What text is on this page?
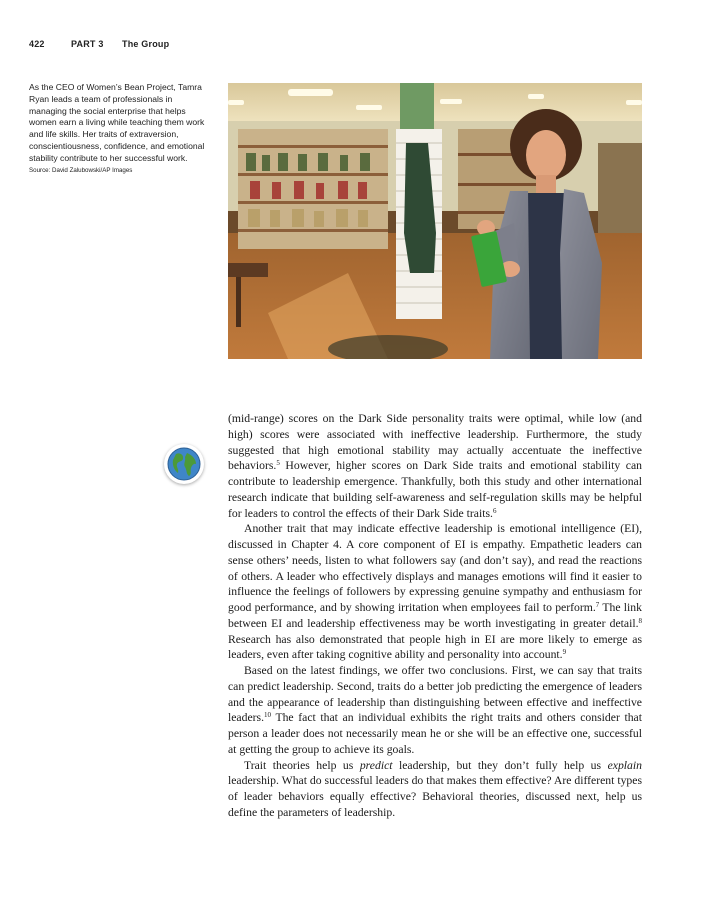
422	PART 3	The Group
As the CEO of Women’s Bean Project, Tamra Ryan leads a team of professionals in managing the social enterprise that helps women earn a living while teaching them work and life skills. Her traits of extraversion, conscientiousness, confidence, and emotional stability contribute to her successful work.
Source: David Zalubowski/AP Images

(mid-range) scores on the Dark Side personality traits were optimal, while low (and high) scores were associated with ineffective leadership. Furthermore, the study suggested that high emotional stability may actually accentuate the ineffective behaviors.$^5$ However, higher scores on Dark Side traits and emotional stability can contribute to leadership emergence. Thankfully, both this study and other international research indicate that building self-awareness and self-regulation skills may be helpful for leaders to control the effects of their Dark Side traits.$^6$

Another trait that may indicate effective leadership is emotional intelligence (EI), discussed in Chapter 4. A core component of EI is empathy. Empathetic leaders can sense others’ needs, listen to what followers say (and don’t say), and read the reactions of others. A leader who effectively displays and manages emotions will find it easier to influence the feelings of followers by expressing genuine sympathy and enthusiasm for good performance, and by showing irritation when employees fail to perform.$^7$ The link between EI and leadership effectiveness may be worth investigating in greater detail.$^8$ Research has also demonstrated that people high in EI are more likely to emerge as leaders, even after taking cognitive ability and personality into account.$^9$

Based on the latest findings, we offer two conclusions. First, we can say that traits can predict leadership. Second, traits do a better job predicting the emergence of leaders and the appearance of leadership than distinguishing between effective and ineffective leaders.$^{10}$ The fact that an individual exhibits the right traits and others consider that person a leader does not necessarily mean he or she will be an effective one, successful at getting the group to achieve its goals.

Trait theories help us predict leadership, but they don’t fully help us explain leadership. What do successful leaders do that makes them effective? Are different types of leader behaviors equally effective? Behavioral theories, discussed next, help us define the parameters of leadership.
